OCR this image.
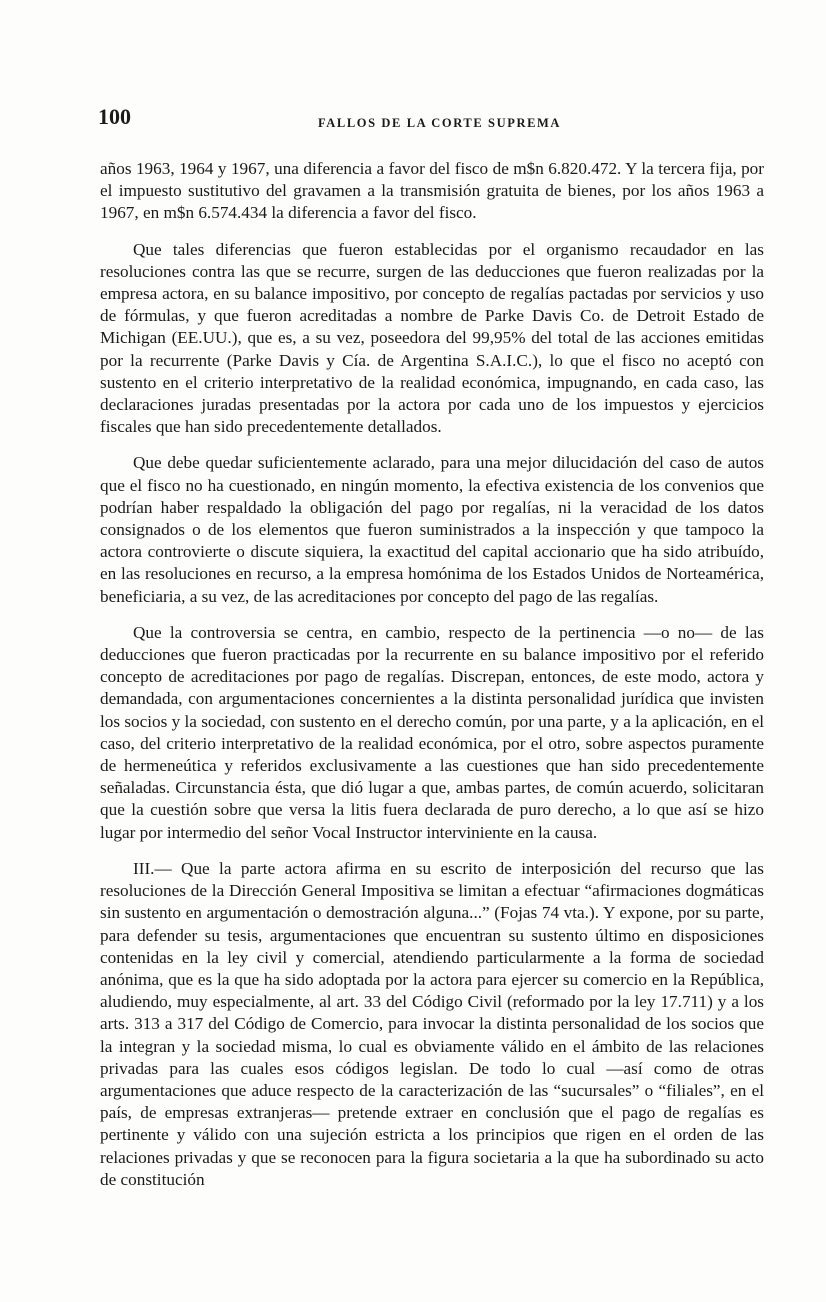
100	FALLOS DE LA CORTE SUPREMA

años 1963, 1964 y 1967, una diferencia a favor del fisco de m$n 6.820.472. Y la tercera fija, por el impuesto sustitutivo del gravamen a la transmisión gratuita de bienes, por los años 1963 a 1967, en m$n 6.574.434 la diferencia a favor del fisco.

Que tales diferencias que fueron establecidas por el organismo recaudador en las resoluciones contra las que se recurre, surgen de las deducciones que fueron realizadas por la empresa actora, en su balance impositivo, por concepto de regalías pactadas por servicios y uso de fórmulas, y que fueron acreditadas a nombre de Parke Davis Co. de Detroit Estado de Michigan (EE.UU.), que es, a su vez, poseedora del 99,95% del total de las acciones emitidas por la recurrente (Parke Davis y Cía. de Argentina S.A.I.C.), lo que el fisco no aceptó con sustento en el criterio interpretativo de la realidad económica, impugnando, en cada caso, las declaraciones juradas presentadas por la actora por cada uno de los impuestos y ejercicios fiscales que han sido precedentemente detallados.

Que debe quedar suficientemente aclarado, para una mejor dilucidación del caso de autos que el fisco no ha cuestionado, en ningún momento, la efectiva existencia de los convenios que podrían haber respaldado la obligación del pago por regalías, ni la veracidad de los datos consignados o de los elementos que fueron suministrados a la inspección y que tampoco la actora controvierte o discute siquiera, la exactitud del capital accionario que ha sido atribuído, en las resoluciones en recurso, a la empresa homónima de los Estados Unidos de Norteamérica, beneficiaria, a su vez, de las acreditaciones por concepto del pago de las regalías.

Que la controversia se centra, en cambio, respecto de la pertinencia —o no— de las deducciones que fueron practicadas por la recurrente en su balance impositivo por el referido concepto de acreditaciones por pago de regalías. Discrepan, entonces, de este modo, actora y demandada, con argumentaciones concernientes a la distinta personalidad jurídica que invisten los socios y la sociedad, con sustento en el derecho común, por una parte, y a la aplicación, en el caso, del criterio interpretativo de la realidad económica, por el otro, sobre aspectos puramente de hermeneútica y referidos exclusivamente a las cuestiones que han sido precedentemente señaladas. Circunstancia ésta, que dió lugar a que, ambas partes, de común acuerdo, solicitaran que la cuestión sobre que versa la litis fuera declarada de puro derecho, a lo que así se hizo lugar por intermedio del señor Vocal Instructor interviniente en la causa.

III.— Que la parte actora afirma en su escrito de interposición del recurso que las resoluciones de la Dirección General Impositiva se limitan a efectuar “afirmaciones dogmáticas sin sustento en argumentación o demostración alguna...” (Fojas 74 vta.). Y expone, por su parte, para defender su tesis, argumentaciones que encuentran su sustento último en disposiciones contenidas en la ley civil y comercial, atendiendo particularmente a la forma de sociedad anónima, que es la que ha sido adoptada por la actora para ejercer su comercio en la República, aludiendo, muy especialmente, al art. 33 del Código Civil (reformado por la ley 17.711) y a los arts. 313 a 317 del Código de Comercio, para invocar la distinta personalidad de los socios que la integran y la sociedad misma, lo cual es obviamente válido en el ámbito de las relaciones privadas para las cuales esos códigos legislan. De todo lo cual —así como de otras argumentaciones que aduce respecto de la caracterización de las “sucursales” o “filiales”, en el país, de empresas extranjeras— pretende extraer en conclusión que el pago de regalías es pertinente y válido con una sujeción estricta a los principios que rigen en el orden de las relaciones privadas y que se reconocen para la figura societaria a la que ha subordinado su acto de constitución
